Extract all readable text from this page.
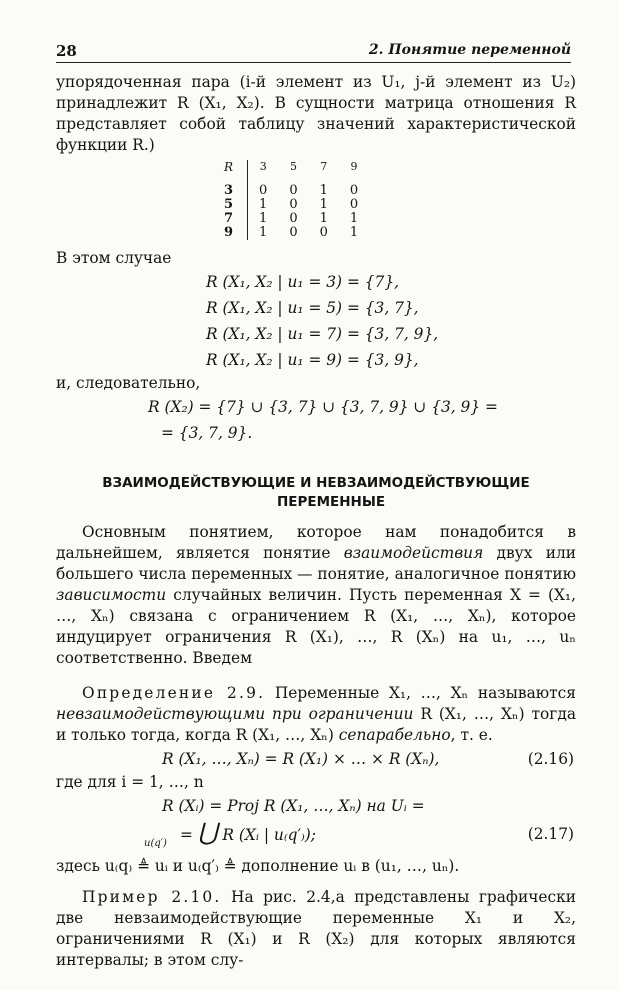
28	2. Понятие переменной

упорядоченная пара (i-й элемент из U₁, j-й элемент из U₂) принадлежит R (X₁, X₂). В сущности матрица отношения R представляет собой таблицу значений характеристической функции R.)

R	3	5	7	9
3	0	0	1	0
5	1	0	1	0
7	1	0	1	1
9	1	0	0	1

В этом случае

R (X₁, X₂ | u₁ = 3) = {7},
R (X₁, X₂ | u₁ = 5) = {3, 7},
R (X₁, X₂ | u₁ = 7) = {3, 7, 9},
R (X₁, X₂ | u₁ = 9) = {3, 9},

и, следовательно,

R (X₂) = {7} ∪ {3, 7} ∪ {3, 7, 9} ∪ {3, 9} =
= {3, 7, 9}.
ВЗАИМОДЕЙСТВУЮЩИЕ И НЕВЗАИМОДЕЙСТВУЮЩИЕ
ПЕРЕМЕННЫЕ

Основным понятием, которое нам понадобится в дальнейшем, является понятие взаимодействия двух или большего числа переменных — понятие, аналогичное понятию зависимости случайных величин. Пусть переменная X = (X₁, …, Xₙ) связана с ограничением R (X₁, …, Xₙ), которое индуцирует ограничения R (X₁), …, R (Xₙ) на u₁, …, uₙ соответственно. Введем

Определение 2.9. Переменные X₁, …, Xₙ называются невзаимодействующими при ограничении R (X₁, …, Xₙ) тогда и только тогда, когда R (X₁, …, Xₙ) сепарабельно, т. е.

R (X₁, …, Xₙ) = R (X₁) × … × R (Xₙ),	(2.16)

где для i = 1, …, n

R (Xᵢ) = Proj R (X₁, …, Xₙ) на Uᵢ =
= ⋃ R (Xᵢ | u₍q′₎);	(2.17)
u(q′)

здесь u₍q₎ ≜ uᵢ и u₍q′₎ ≜ дополнение uᵢ в (u₁, …, uₙ).

Пример 2.10. На рис. 2.4,а представлены графически две невзаимодействующие переменные X₁ и X₂, ограничениями R (X₁) и R (X₂) для которых являются интервалы; в этом слу-
